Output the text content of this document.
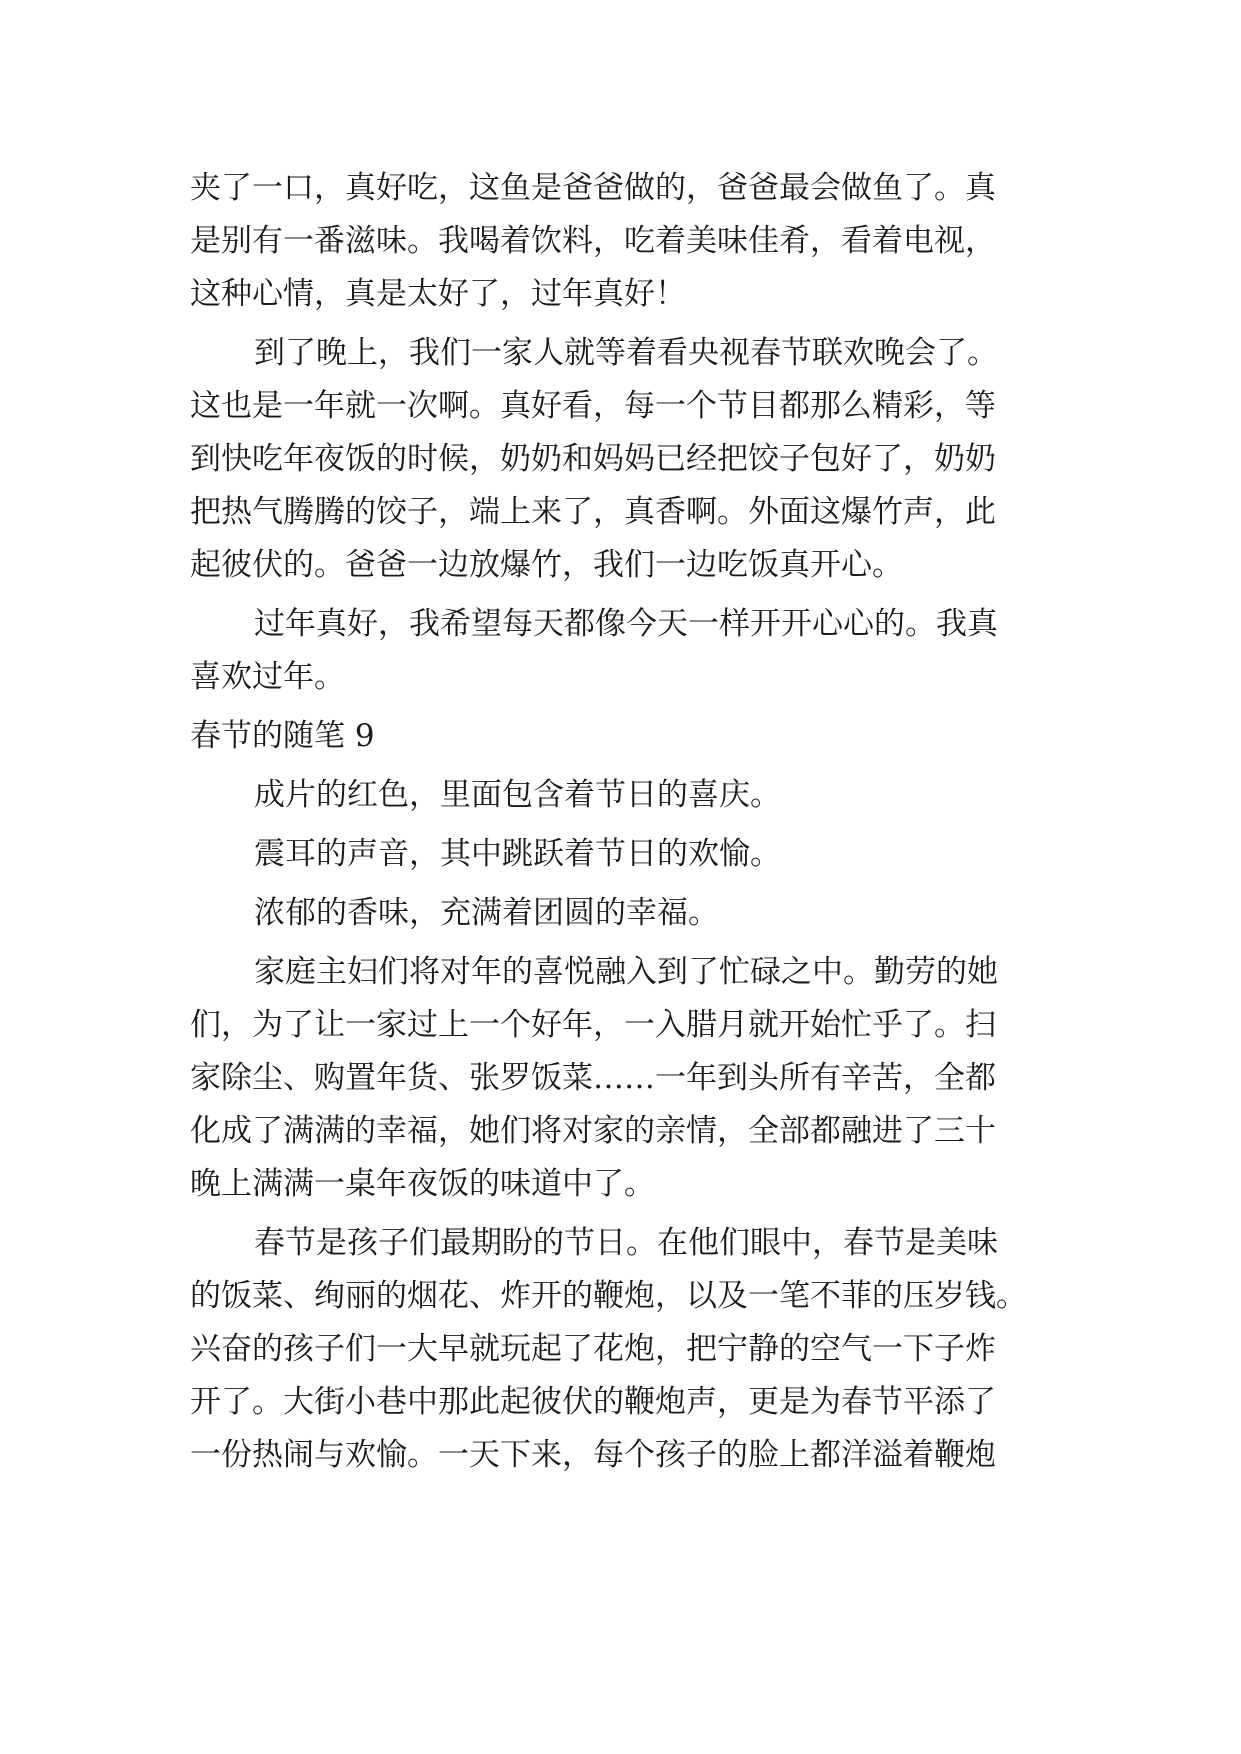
夹了一口，真好吃，这鱼是爸爸做的，爸爸最会做鱼了。真
是别有一番滋味。我喝着饮料，吃着美味佳肴，看着电视，
这种心情，真是太好了，过年真好！
到了晚上，我们一家人就等着看央视春节联欢晚会了。
这也是一年就一次啊。真好看，每一个节目都那么精彩，等
到快吃年夜饭的时候，奶奶和妈妈已经把饺子包好了，奶奶
把热气腾腾的饺子，端上来了，真香啊。外面这爆竹声，此
起彼伏的。爸爸一边放爆竹，我们一边吃饭真开心。
过年真好，我希望每天都像今天一样开开心心的。我真
喜欢过年。
春节的随笔 9
成片的红色，里面包含着节日的喜庆。
震耳的声音，其中跳跃着节日的欢愉。
浓郁的香味，充满着团圆的幸福。
家庭主妇们将对年的喜悦融入到了忙碌之中。勤劳的她
们，为了让一家过上一个好年，一入腊月就开始忙乎了。扫
家除尘、购置年货、张罗饭菜……一年到头所有辛苦，全都
化成了满满的幸福，她们将对家的亲情，全部都融进了三十
晚上满满一桌年夜饭的味道中了。
春节是孩子们最期盼的节日。在他们眼中，春节是美味
的饭菜、绚丽的烟花、炸开的鞭炮，以及一笔不菲的压岁钱。
兴奋的孩子们一大早就玩起了花炮，把宁静的空气一下子炸
开了。大街小巷中那此起彼伏的鞭炮声，更是为春节平添了
一份热闹与欢愉。一天下来，每个孩子的脸上都洋溢着鞭炮
